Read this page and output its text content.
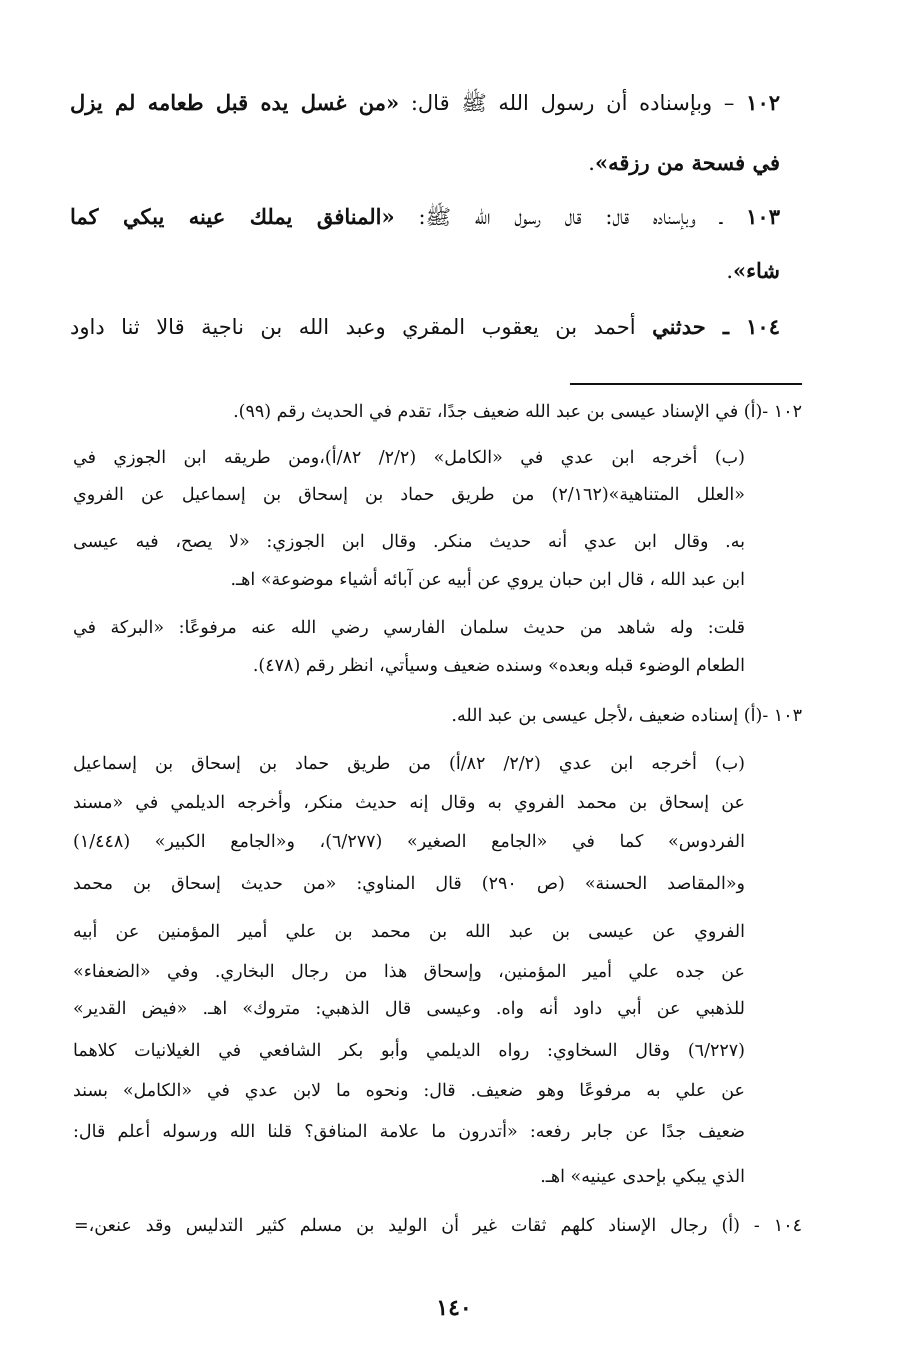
١٠٢ – وبإسناده أن رسول الله ﷺ قال: «من غسل يده قبل طعامه لم يزل
في فسحة من رزقه».
١٠٣ ـ وبإسناده قال: قال رسول الله ﷺ: «المنافق يملك عينه يبكي كما
شاء».
١٠٤ ـ حدثني أحمد بن يعقوب المقري وعبد الله بن ناجية قالا ثنا داود
١٠٢ -(أ) في الإسناد عيسى بن عبد الله ضعيف جدًا، تقدم في الحديث رقم (٩٩).
(ب) أخرجه ابن عدي في «الكامل» (٢/٢/ ٨٢/أ)،ومن طريقه ابن الجوزي في
«العلل المتناهية»(٢/١٦٢) من طريق حماد بن إسحاق بن إسماعيل عن الفروي
به. وقال ابن عدي أنه حديث منكر. وقال ابن الجوزي: «لا يصح، فيه عيسى
ابن عبد الله ، قال ابن حبان يروي عن أبيه عن آبائه أشياء موضوعة» اهـ.
قلت: وله شاهد من حديث سلمان الفارسي رضي الله عنه مرفوعًا: «البركة في
الطعام الوضوء قبله وبعده» وسنده ضعيف وسيأتي، انظر رقم (٤٧٨).
١٠٣ -(أ) إسناده ضعيف ،لأجل عيسى بن عبد الله.
(ب) أخرجه ابن عدي (٢/٢/ ٨٢/أ) من طريق حماد بن إسحاق بن إسماعيل
عن إسحاق بن محمد الفروي به وقال إنه حديث منكر، وأخرجه الديلمي في «مسند
الفردوس» كما في «الجامع الصغير» (٦/٢٧٧)، و«الجامع الكبير» (١/٤٤٨)
و«المقاصد الحسنة» (ص ٢٩٠) قال المناوي: «من حديث إسحاق بن محمد
الفروي عن عيسى بن عبد الله بن محمد بن علي أمير المؤمنين عن أبيه
عن جده علي أمير المؤمنين، وإسحاق هذا من رجال البخاري. وفي «الضعفاء»
للذهبي عن أبي داود أنه واه. وعيسى قال الذهبي: متروك» اهـ. «فيض القدير»
(٦/٢٢٧) وقال السخاوي: رواه الديلمي وأبو بكر الشافعي في الغيلانيات كلاهما
عن علي به مرفوعًا وهو ضعيف. قال: ونحوه ما لابن عدي في «الكامل» بسند
ضعيف جدًا عن جابر رفعه: «أتدرون ما علامة المنافق؟ قلنا الله ورسوله أعلم قال:
الذي يبكي بإحدى عينيه» اهـ.
١٠٤ - (أ) رجال الإسناد كلهم ثقات غير أن الوليد بن مسلم كثير التدليس وقد عنعن،=
١٤٠
